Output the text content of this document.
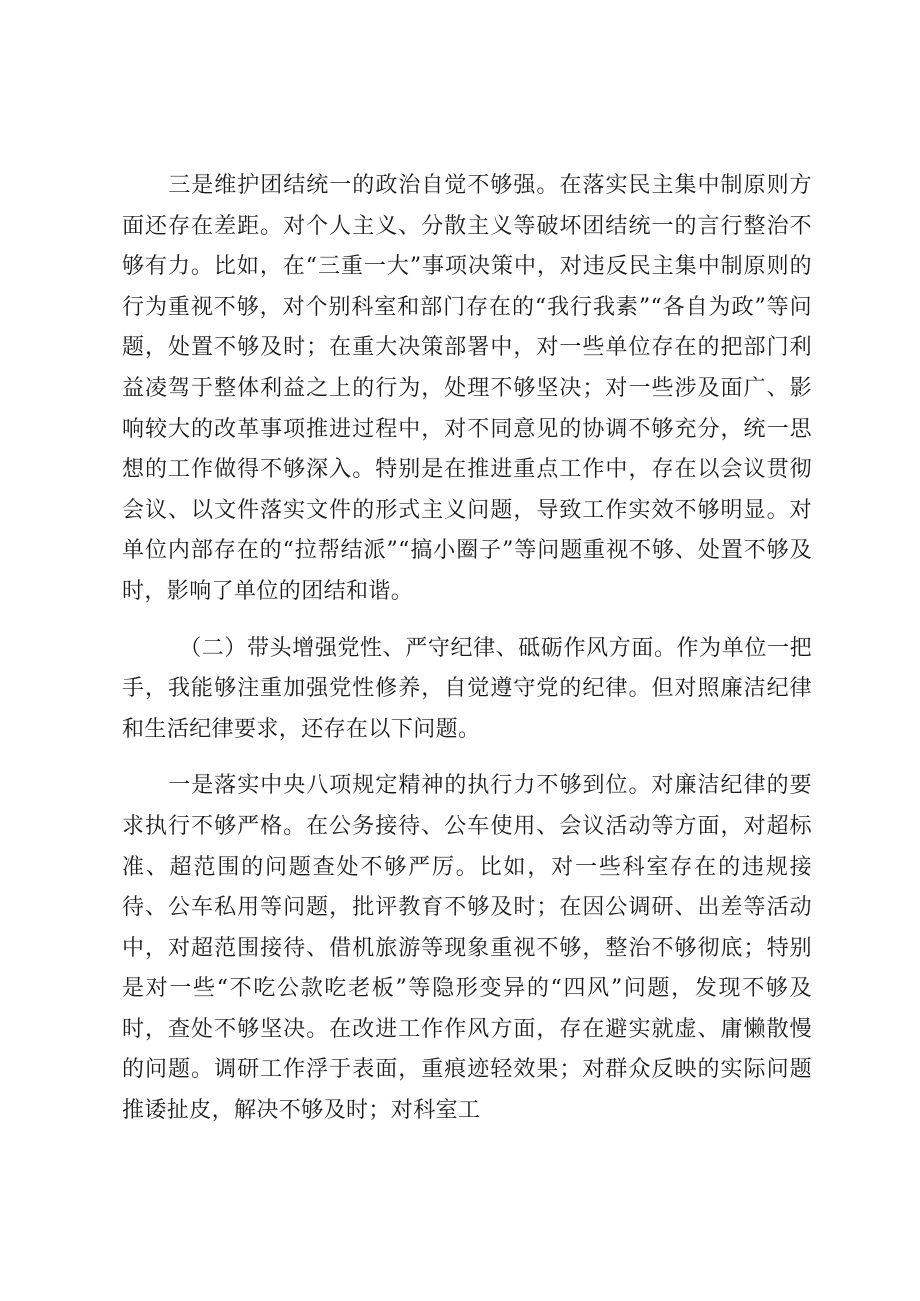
三是维护团结统一的政治自觉不够强。在落实民主集中制原则方面还存在差距。对个人主义、分散主义等破坏团结统一的言行整治不够有力。比如，在“三重一大”事项决策中，对违反民主集中制原则的行为重视不够，对个别科室和部门存在的“我行我素”“各自为政”等问题，处置不够及时；在重大决策部署中，对一些单位存在的把部门利益凌驾于整体利益之上的行为，处理不够坚决；对一些涉及面广、影响较大的改革事项推进过程中，对不同意见的协调不够充分，统一思想的工作做得不够深入。特别是在推进重点工作中，存在以会议贯彻会议、以文件落实文件的形式主义问题，导致工作实效不够明显。对单位内部存在的“拉帮结派”“搞小圈子”等问题重视不够、处置不够及时，影响了单位的团结和谐。

（二）带头增强党性、严守纪律、砥砺作风方面。作为单位一把手，我能够注重加强党性修养，自觉遵守党的纪律。但对照廉洁纪律和生活纪律要求，还存在以下问题。

一是落实中央八项规定精神的执行力不够到位。对廉洁纪律的要求执行不够严格。在公务接待、公车使用、会议活动等方面，对超标准、超范围的问题查处不够严厉。比如，对一些科室存在的违规接待、公车私用等问题，批评教育不够及时；在因公调研、出差等活动中，对超范围接待、借机旅游等现象重视不够，整治不够彻底；特别是对一些“不吃公款吃老板”等隐形变异的“四风”问题，发现不够及时，查处不够坚决。在改进工作作风方面，存在避实就虚、庸懒散慢的问题。调研工作浮于表面，重痕迹轻效果；对群众反映的实际问题推诿扯皮，解决不够及时；对科室工
